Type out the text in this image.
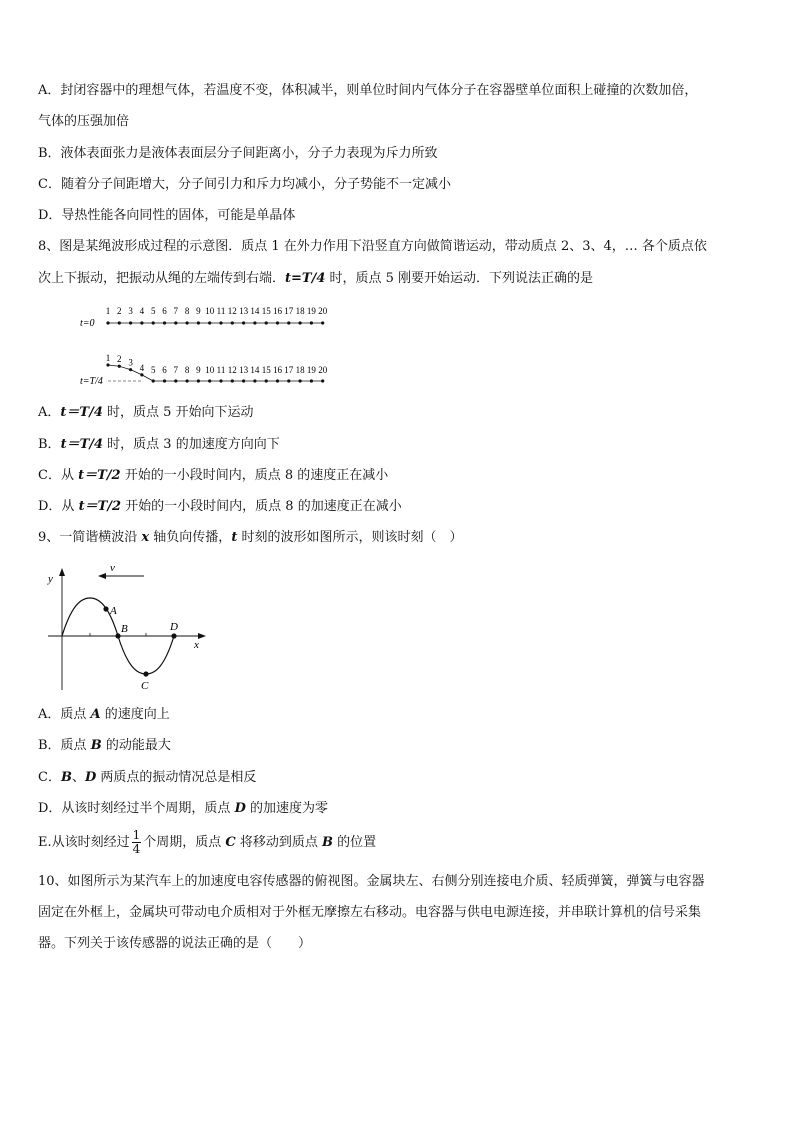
A．封闭容器中的理想气体，若温度不变，体积减半，则单位时间内气体分子在容器壁单位面积上碰撞的次数加倍，
气体的压强加倍
B．液体表面张力是液体表面层分子间距离小，分子力表现为斥力所致
C．随着分子间距增大，分子间引力和斥力均减小，分子势能不一定减小
D．导热性能各向同性的固体，可能是单晶体
8、图是某绳波形成过程的示意图．质点 1 在外力作用下沿竖直方向做简谐运动，带动质点 2、3、4，… 各个质点依
次上下振动，把振动从绳的左端传到右端．t=T/4 时，质点 5 刚要开始运动．下列说法正确的是
t=0
1 2 3 4 5 6 7 8 9 10 11 12 13 14 15 16 17 18 19 20
t=T/4
1 2 3
4 5 6 7 8 9 10 11 12 13 14 15 16 17 18 19 20
A．t＝T/4 时，质点 5 开始向下运动
B．t＝T/4 时，质点 3 的加速度方向向下
C．从 t＝T/2 开始的一小段时间内，质点 8 的速度正在减小
D．从 t＝T/2 开始的一小段时间内，质点 8 的加速度正在减小
9、一简谐横波沿 x 轴负向传播，t 时刻的波形如图所示，则该时刻（　）
y
x
v
A
B
C
D
A．质点 A 的速度向上
B．质点 B 的动能最大
C．B、D 两质点的振动情况总是相反
D．从该时刻经过半个周期，质点 D 的加速度为零
E.从该时刻经过 $\frac{1}{4}$ 个周期，质点 C 将移动到质点 B 的位置
10、如图所示为某汽车上的加速度电容传感器的俯视图。金属块左、右侧分别连接电介质、轻质弹簧，弹簧与电容器
固定在外框上，金属块可带动电介质相对于外框无摩擦左右移动。电容器与供电电源连接，并串联计算机的信号采集
器。下列关于该传感器的说法正确的是（　　）
